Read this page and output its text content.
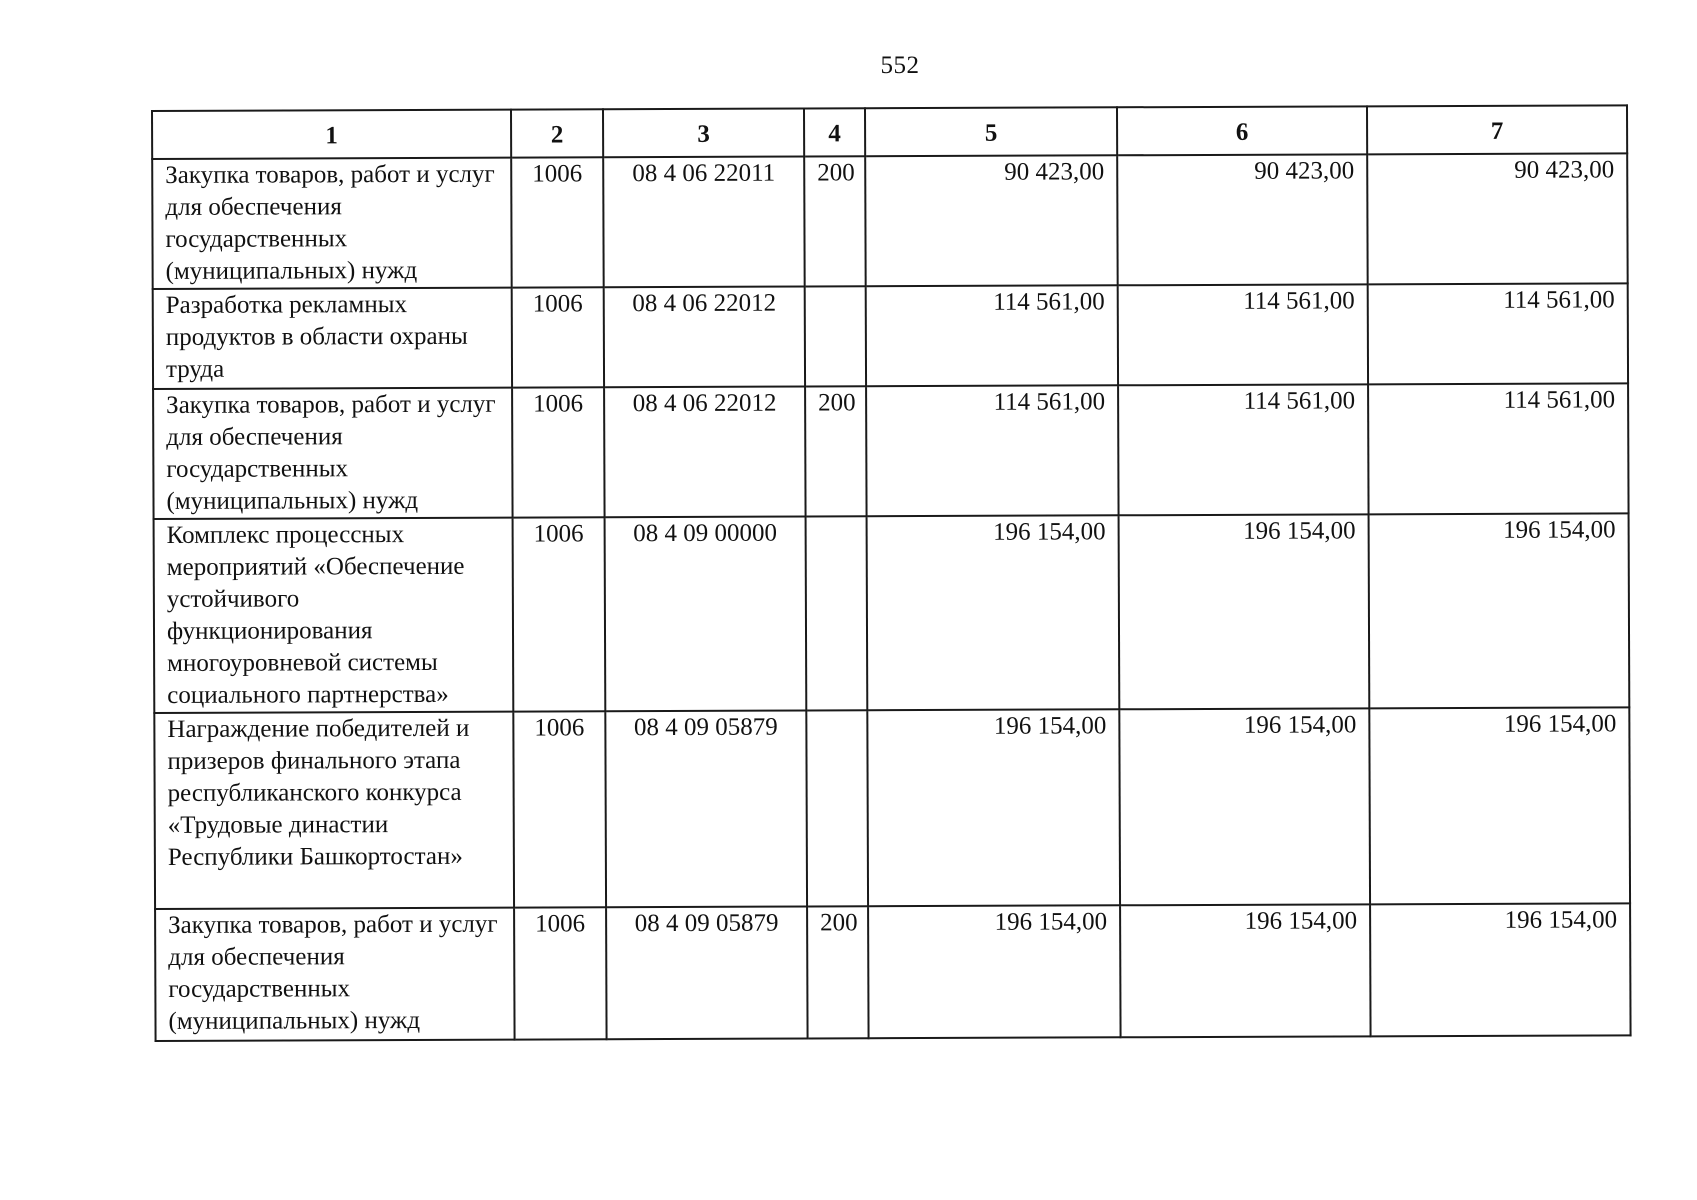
552
1	2	3	4	5	6	7
Закупка товаров, работ и услуг для обеспечения государственных (муниципальных) нужд	1006	08 4 06 22011	200	90 423,00	90 423,00	90 423,00
Разработка рекламных продуктов в области охраны труда	1006	08 4 06 22012		114 561,00	114 561,00	114 561,00
Закупка товаров, работ и услуг для обеспечения государственных (муниципальных) нужд	1006	08 4 06 22012	200	114 561,00	114 561,00	114 561,00
Комплекс процессных мероприятий «Обеспечение устойчивого функционирования многоуровневой системы социального партнерства»	1006	08 4 09 00000		196 154,00	196 154,00	196 154,00
Награждение победителей и призеров финального этапа республиканского конкурса «Трудовые династии Республики Башкортостан»	1006	08 4 09 05879		196 154,00	196 154,00	196 154,00
Закупка товаров, работ и услуг для обеспечения государственных (муниципальных) нужд	1006	08 4 09 05879	200	196 154,00	196 154,00	196 154,00
